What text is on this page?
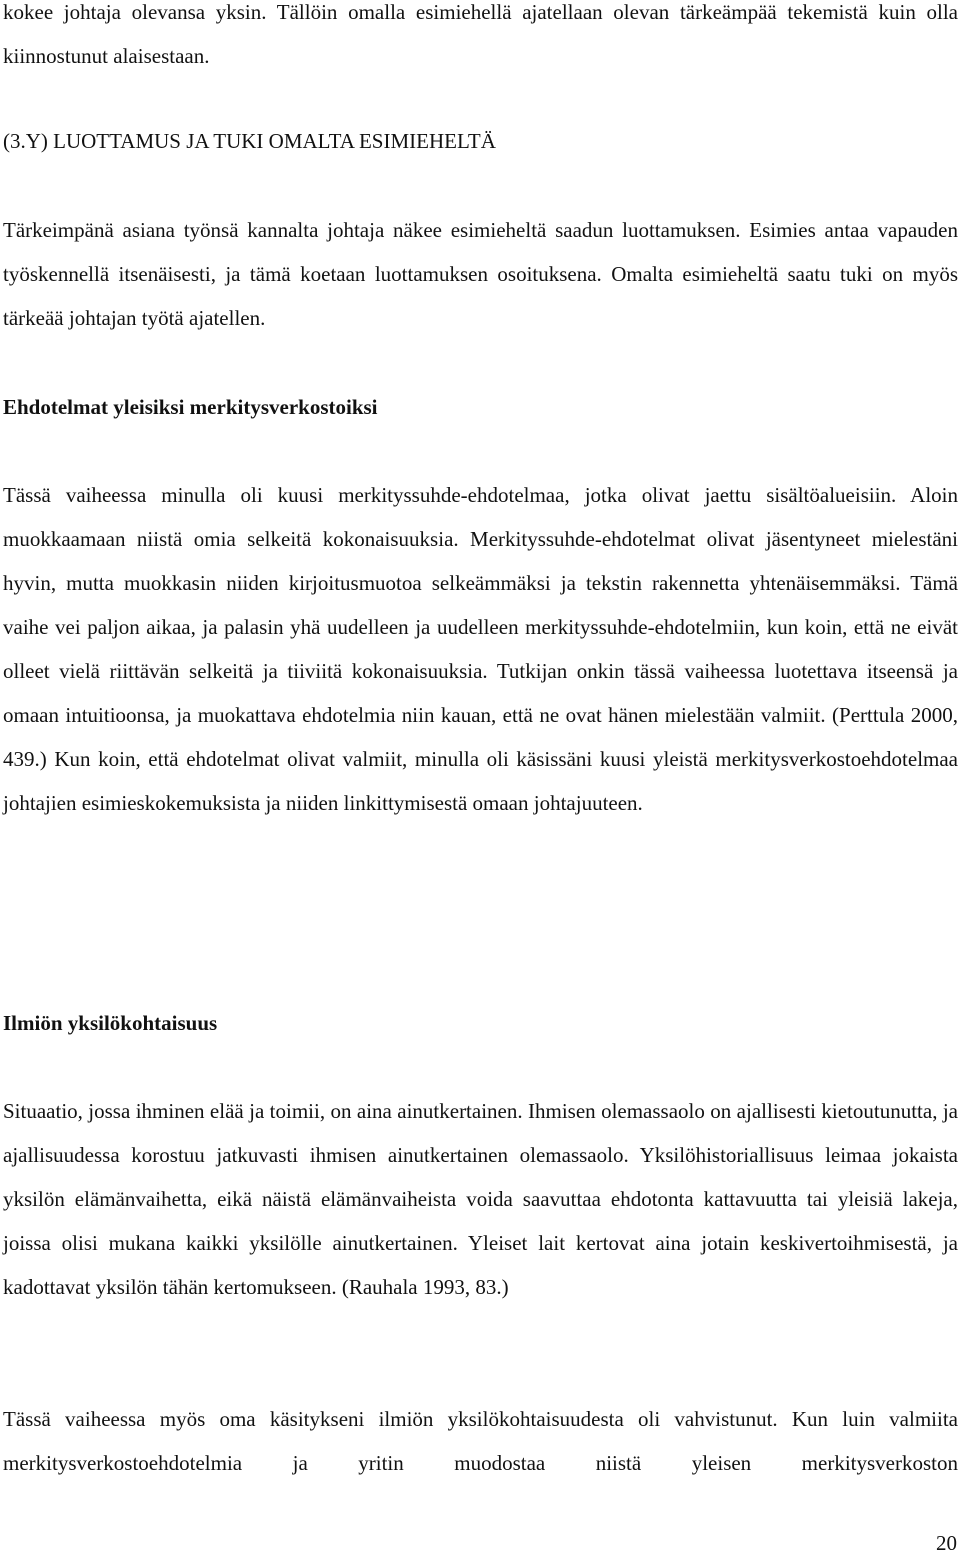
kokee johtaja olevansa yksin. Tällöin omalla esimiehellä ajatellaan olevan tärkeämpää tekemistä kuin olla kiinnostunut alaisestaan.

(3.Y) LUOTTAMUS JA TUKI OMALTA ESIMIEHELTÄ

Tärkeimpänä asiana työnsä kannalta johtaja näkee esimieheltä saadun luottamuksen. Esimies antaa vapauden työskennellä itsenäisesti, ja tämä koetaan luottamuksen osoituksena. Omalta esimieheltä saatu tuki on myös tärkeää johtajan työtä ajatellen.

Ehdotelmat yleisiksi merkitysverkostoiksi

Tässä vaiheessa minulla oli kuusi merkityssuhde-ehdotelmaa, jotka olivat jaettu sisältöalueisiin. Aloin muokkaamaan niistä omia selkeitä kokonaisuuksia. Merkityssuhde-ehdotelmat olivat jäsentyneet mielestäni hyvin, mutta muokkasin niiden kirjoitusmuotoa selkeämmäksi ja tekstin rakennetta yhtenäisemmäksi. Tämä vaihe vei paljon aikaa, ja palasin yhä uudelleen ja uudelleen merkityssuhde-ehdotelmiin, kun koin, että ne eivät olleet vielä riittävän selkeitä ja tiiviitä kokonaisuuksia. Tutkijan onkin tässä vaiheessa luotettava itseensä ja omaan intuitioonsa, ja muokattava ehdotelmia niin kauan, että ne ovat hänen mielestään valmiit. (Perttula 2000, 439.) Kun koin, että ehdotelmat olivat valmiit, minulla oli käsissäni kuusi yleistä merkitysverkostoehdotelmaa johtajien esimieskokemuksista ja niiden linkittymisestä omaan johtajuuteen.

Ilmiön yksilökohtaisuus

Situaatio, jossa ihminen elää ja toimii, on aina ainutkertainen. Ihmisen olemassaolo on ajallisesti kietoutunutta, ja ajallisuudessa korostuu jatkuvasti ihmisen ainutkertainen olemassaolo. Yksilöhistoriallisuus leimaa jokaista yksilön elämänvaihetta, eikä näistä elämänvaiheista voida saavuttaa ehdotonta kattavuutta tai yleisiä lakeja, joissa olisi mukana kaikki yksilölle ainutkertainen. Yleiset lait kertovat aina jotain keskivertoihmisestä, ja kadottavat yksilön tähän kertomukseen. (Rauhala 1993, 83.)

Tässä vaiheessa myös oma käsitykseni ilmiön yksilökohtaisuudesta oli vahvistunut. Kun luin valmiita merkitysverkostoehdotelmia ja yritin muodostaa niistä yleisen merkitysverkoston

20
